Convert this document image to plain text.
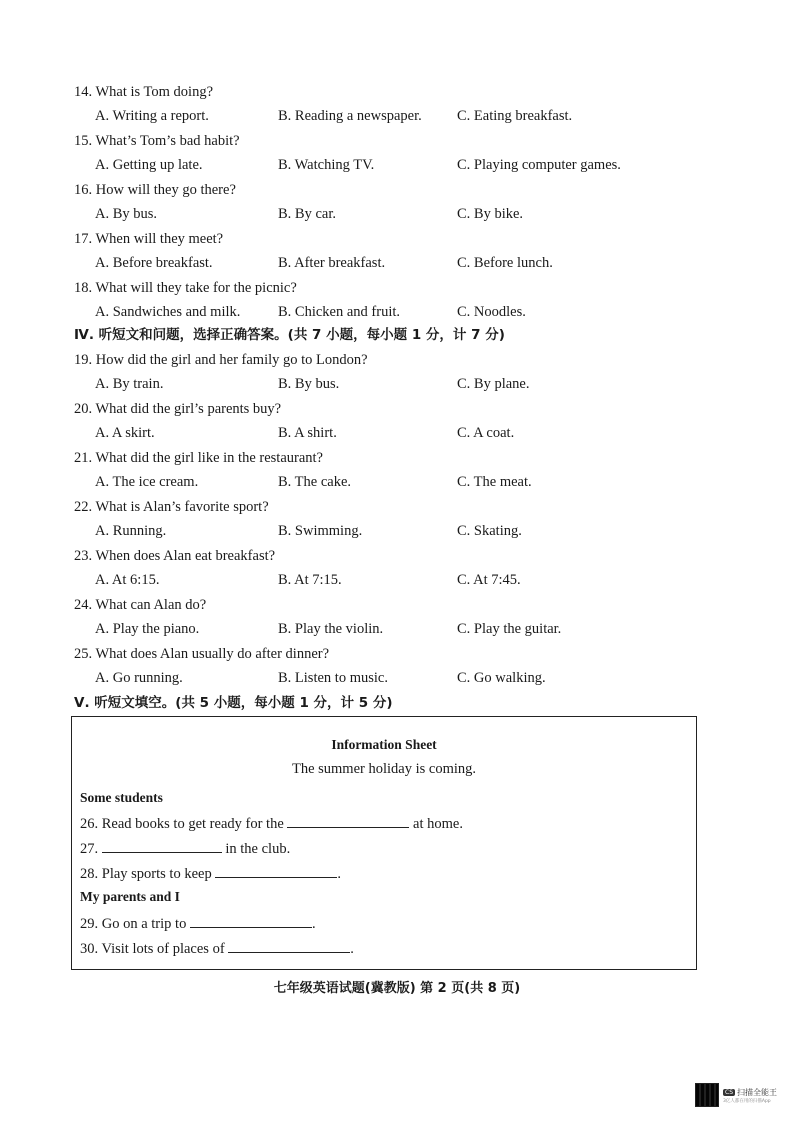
14. What is Tom doing?
A. Writing a report.	B. Reading a newspaper. C. Eating breakfast.
15. What’s Tom’s bad habit?
A. Getting up late.	B. Watching TV.	C. Playing computer games.
16. How will they go there?
A. By bus.	B. By car.	C. By bike.
17. When will they meet?
A. Before breakfast.	B. After breakfast.	C. Before lunch.
18. What will they take for the picnic?
A. Sandwiches and milk.	B. Chicken and fruit.	C. Noodles.
Ⅳ. 听短文和问题，选择正确答案。(共 7 小题，每小题 1 分，计 7 分)
19. How did the girl and her family go to London?
A. By train.	B. By bus.	C. By plane.
20. What did the girl’s parents buy?
A. A skirt.	B. A shirt.	C. A coat.
21. What did the girl like in the restaurant?
A. The ice cream.	B. The cake.	C. The meat.
22. What is Alan’s favorite sport?
A. Running.	B. Swimming.	C. Skating.
23. When does Alan eat breakfast?
A. At 6:15.	B. At 7:15.	C. At 7:45.
24. What can Alan do?
A. Play the piano.	B. Play the violin.	C. Play the guitar.
25. What does Alan usually do after dinner?
A. Go running.	B. Listen to music.	C. Go walking.
Ⅴ. 听短文填空。(共 5 小题，每小题 1 分，计 5 分)
Information Sheet
The summer holiday is coming.
Some students
26. Read books to get ready for the	at home.
27.	in the club.
28. Play sports to keep	.
My parents and I
29. Go on a trip to	.
30. Visit lots of places of	.
七年级英语试题(冀教版) 第 2 页(共 8 页)
CS 扫描全能王
3亿人都在用的扫描App
